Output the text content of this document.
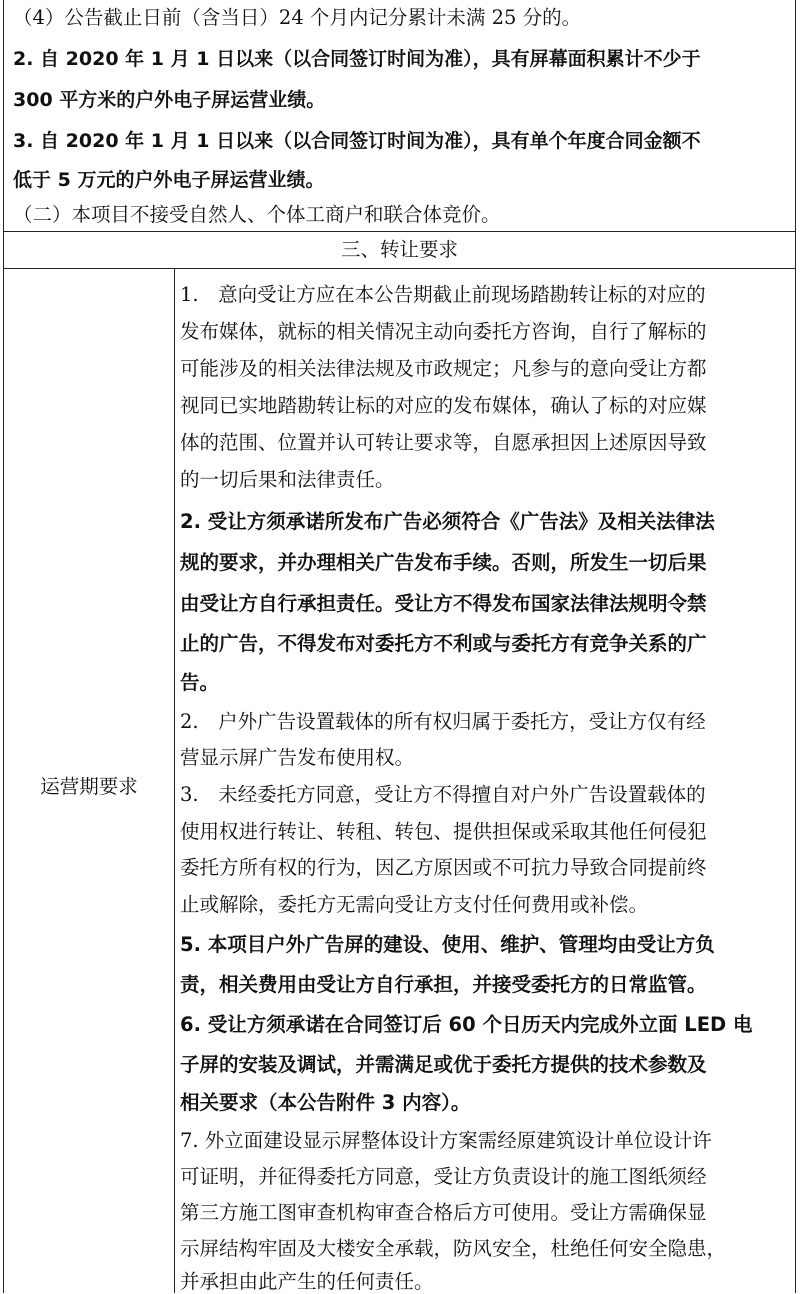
（4）公告截止日前（含当日）24 个月内记分累计未满 25 分的。
2. 自 2020 年 1 月 1 日以来（以合同签订时间为准），具有屏幕面积累计不少于
300 平方米的户外电子屏运营业绩。
3. 自 2020 年 1 月 1 日以来（以合同签订时间为准），具有单个年度合同金额不
低于 5 万元的户外电子屏运营业绩。
（二）本项目不接受自然人、个体工商户和联合体竞价。
三、转让要求
运营期要求
1.　意向受让方应在本公告期截止前现场踏勘转让标的对应的
发布媒体，就标的相关情况主动向委托方咨询，自行了解标的
可能涉及的相关法律法规及市政规定；凡参与的意向受让方都
视同已实地踏勘转让标的对应的发布媒体，确认了标的对应媒
体的范围、位置并认可转让要求等，自愿承担因上述原因导致
的一切后果和法律责任。
2. 受让方须承诺所发布广告必须符合《广告法》及相关法律法
规的要求，并办理相关广告发布手续。否则，所发生一切后果
由受让方自行承担责任。受让方不得发布国家法律法规明令禁
止的广告，不得发布对委托方不利或与委托方有竞争关系的广
告。
2.　户外广告设置载体的所有权归属于委托方，受让方仅有经
营显示屏广告发布使用权。
3.　未经委托方同意，受让方不得擅自对户外广告设置载体的
使用权进行转让、转租、转包、提供担保或采取其他任何侵犯
委托方所有权的行为，因乙方原因或不可抗力导致合同提前终
止或解除，委托方无需向受让方支付任何费用或补偿。
5. 本项目户外广告屏的建设、使用、维护、管理均由受让方负
责，相关费用由受让方自行承担，并接受委托方的日常监管。
6. 受让方须承诺在合同签订后 60 个日历天内完成外立面 LED 电
子屏的安装及调试，并需满足或优于委托方提供的技术参数及
相关要求（本公告附件 3 内容）。
7. 外立面建设显示屏整体设计方案需经原建筑设计单位设计许
可证明，并征得委托方同意，受让方负责设计的施工图纸须经
第三方施工图审查机构审查合格后方可使用。受让方需确保显
示屏结构牢固及大楼安全承载，防风安全，杜绝任何安全隐患，
并承担由此产生的任何责任。
